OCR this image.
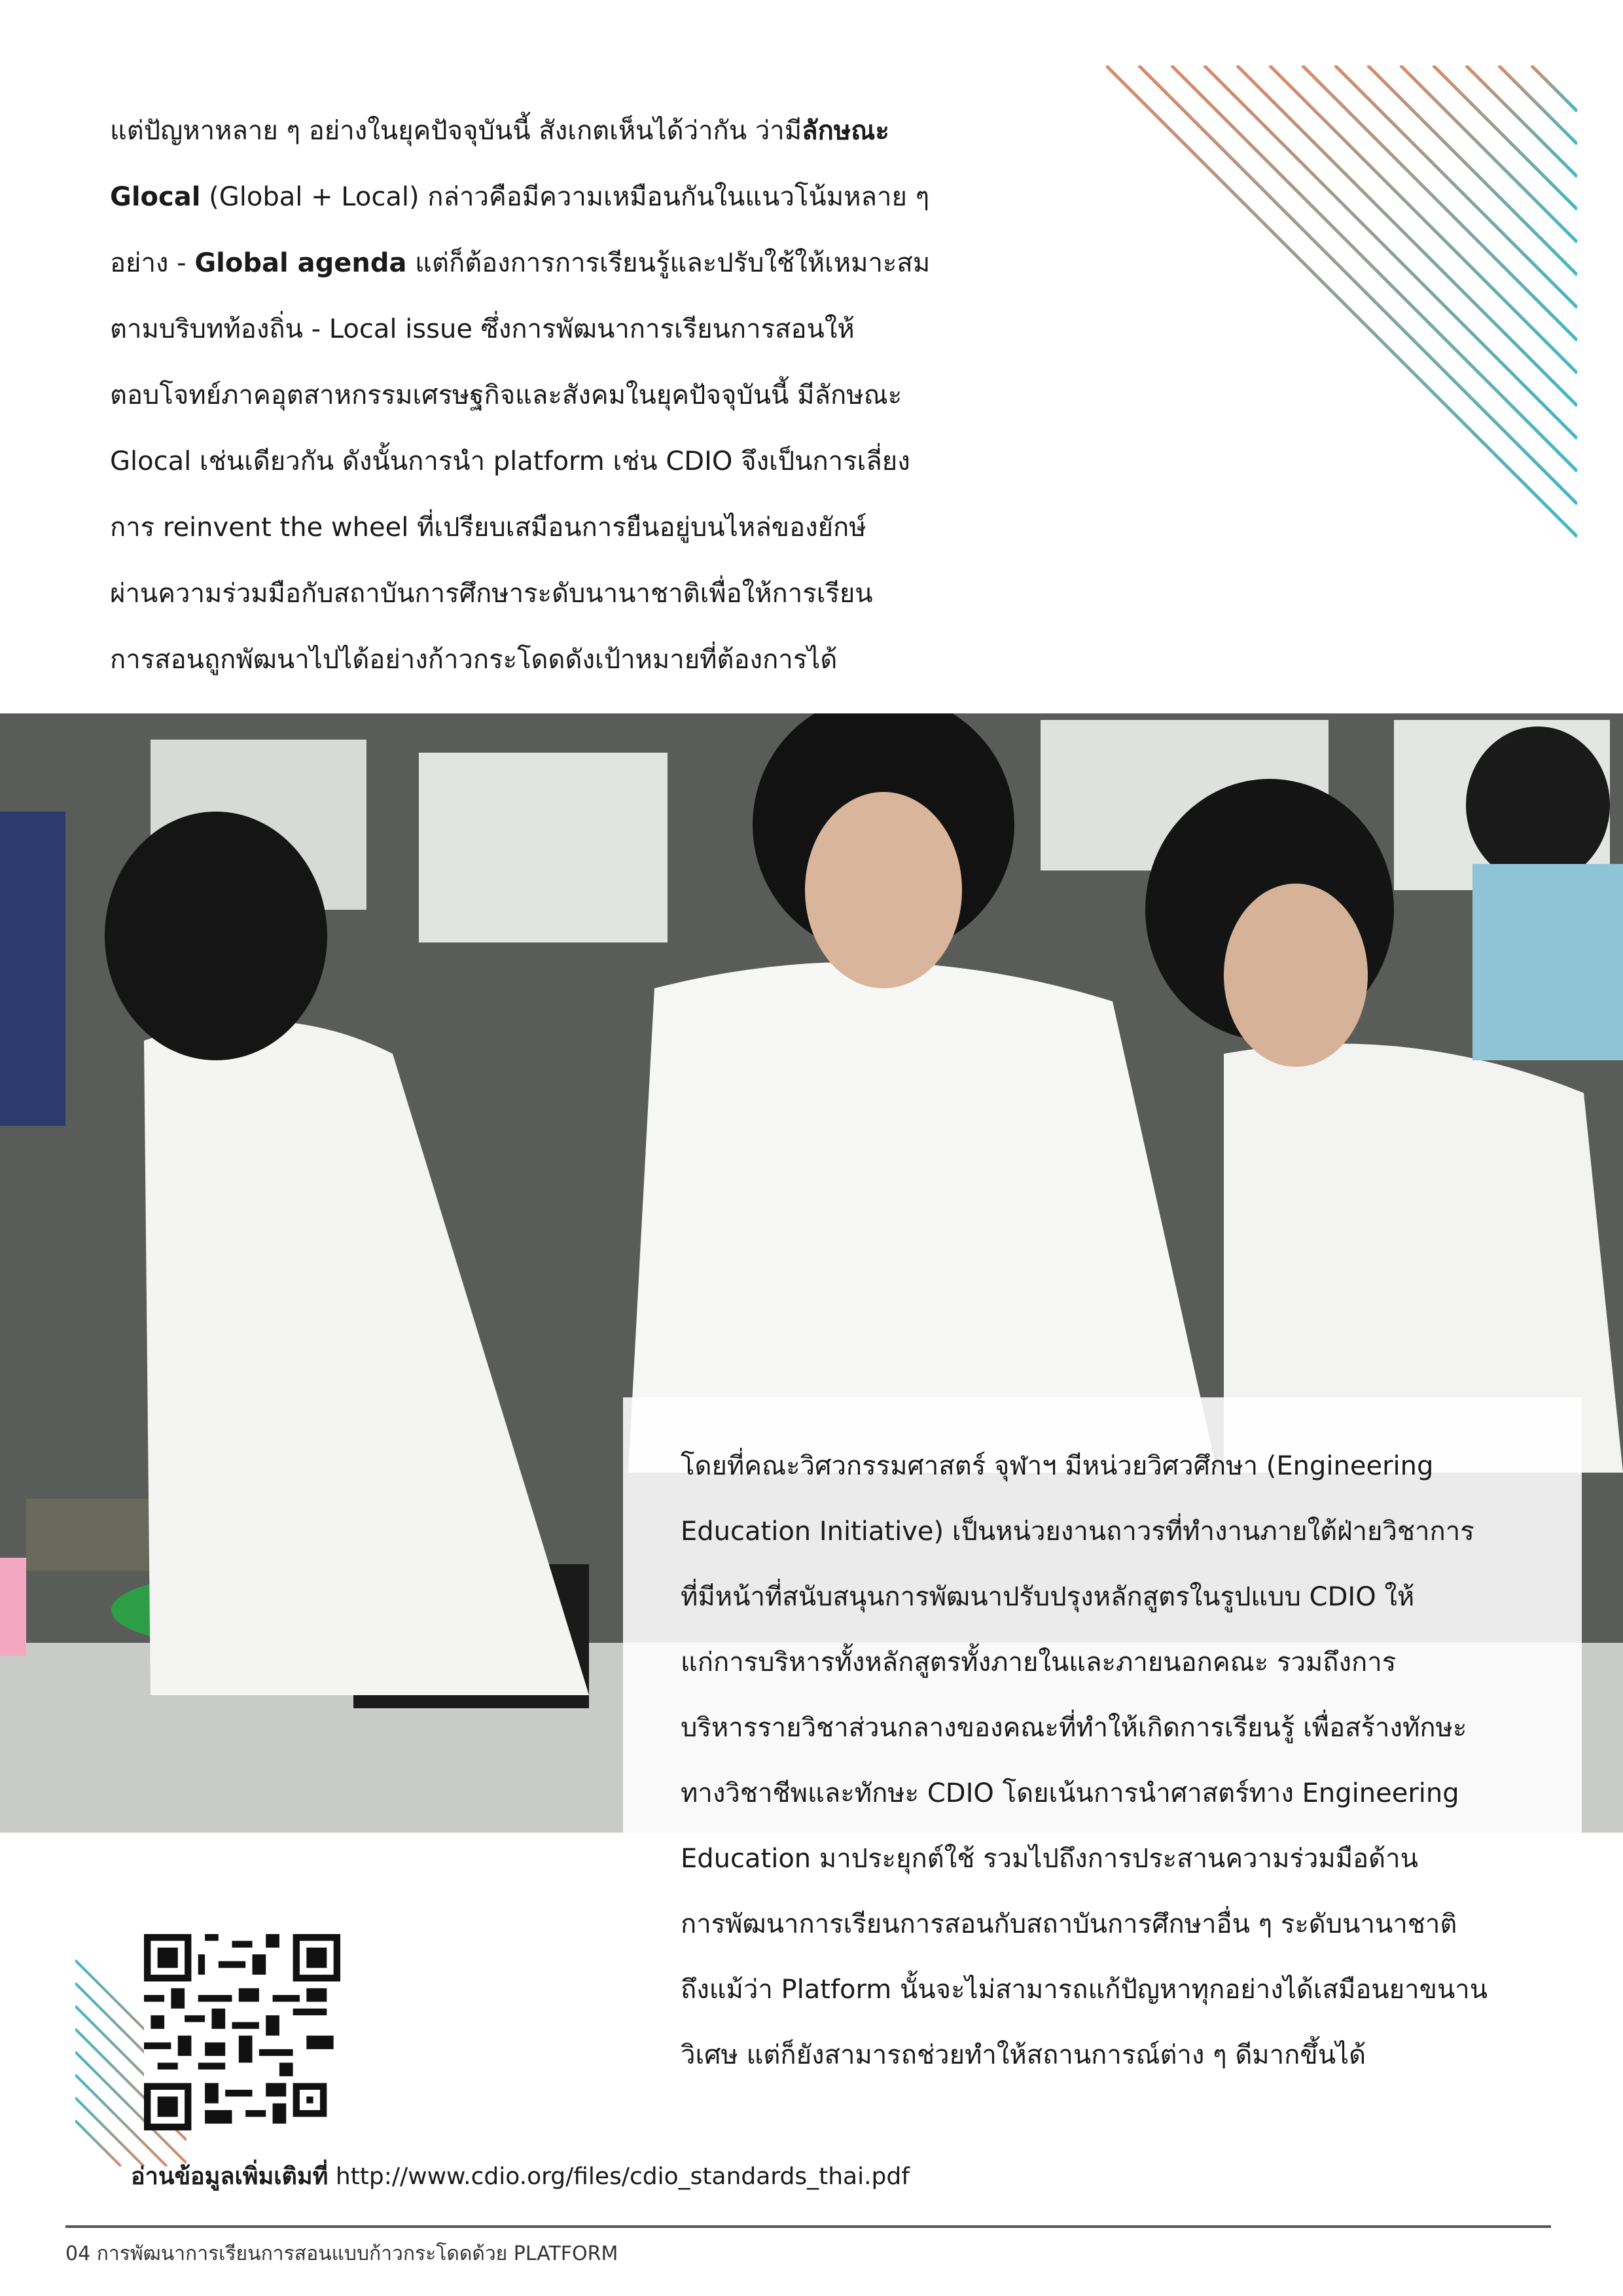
แต่ปัญหาหลาย ๆ อย่างในยุคปัจจุบันนี้ สังเกตเห็นได้ว่ากัน ว่ามีลักษณะ
Glocal (Global + Local) กล่าวคือมีความเหมือนกันในแนวโน้มหลาย ๆ
อย่าง - Global agenda แต่ก็ต้องการการเรียนรู้และปรับใช้ให้เหมาะสม
ตามบริบทท้องถิ่น - Local issue ซึ่งการพัฒนาการเรียนการสอนให้
ตอบโจทย์ภาคอุตสาหกรรมเศรษฐกิจและสังคมในยุคปัจจุบันนี้ มีลักษณะ
Glocal เช่นเดียวกัน ดังนั้นการนำ platform เช่น CDIO จึงเป็นการเลี่ยง
การ reinvent the wheel ที่เปรียบเสมือนการยืนอยู่บนไหล่ของยักษ์
ผ่านความร่วมมือกับสถาบันการศึกษาระดับนานาชาติเพื่อให้การเรียน
การสอนถูกพัฒนาไปได้อย่างก้าวกระโดดดังเป้าหมายที่ต้องการได้
โดยที่คณะวิศวกรรมศาสตร์ จุฬาฯ มีหน่วยวิศวศึกษา (Engineering
Education Initiative) เป็นหน่วยงานถาวรที่ทำงานภายใต้ฝ่ายวิชาการ
ที่มีหน้าที่สนับสนุนการพัฒนาปรับปรุงหลักสูตรในรูปแบบ CDIO ให้
แก่การบริหารทั้งหลักสูตรทั้งภายในและภายนอกคณะ รวมถึงการ
บริหารรายวิชาส่วนกลางของคณะที่ทำให้เกิดการเรียนรู้ เพื่อสร้างทักษะ
ทางวิชาชีพและทักษะ CDIO โดยเน้นการนำศาสตร์ทาง Engineering
Education มาประยุกต์ใช้ รวมไปถึงการประสานความร่วมมือด้าน
การพัฒนาการเรียนการสอนกับสถาบันการศึกษาอื่น ๆ ระดับนานาชาติ
ถึงแม้ว่า Platform นั้นจะไม่สามารถแก้ปัญหาทุกอย่างได้เสมือนยาขนาน
วิเศษ แต่ก็ยังสามารถช่วยทำให้สถานการณ์ต่าง ๆ ดีมากขึ้นได้
อ่านข้อมูลเพิ่มเติมที่ http://www.cdio.org/files/cdio_standards_thai.pdf
04 การพัฒนาการเรียนการสอนแบบก้าวกระโดดด้วย PLATFORM
